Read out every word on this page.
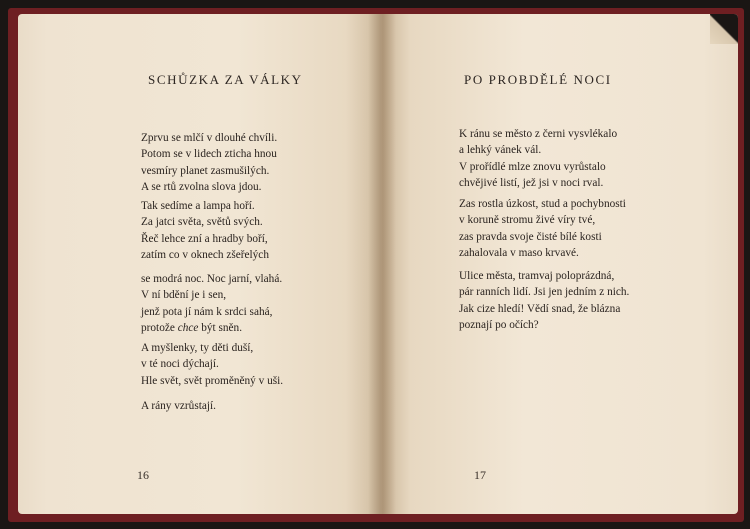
SCHŮZKA ZA VÁLKY
Zprvu se mlčí v dlouhé chvíli.
Potom se v lidech zticha hnou
vesmíry planet zasmušilých.
A se rtů zvolna slova jdou.
Tak sedíme a lampa hoří.
Za jatci světa, světů svých.
Řeč lehce zní a hradby boří,
zatím co v oknech zšeřelých
se modrá noc. Noc jarní, vlahá.
V ní bdění je i sen,
jenž pota jí nám k srdci sahá,
protože chce být sněn.
A myšlenky, ty děti duší,
v té noci dýchají.
Hle svět, svět proměněný v uši.
A rány vzrůstají.
16
PO PROBDĚLÉ NOCI
K ránu se město z černi vysvlékalo
a lehký vánek vál.
V prořídlé mlze znovu vyrůstalo
chvějivé listí, jež jsi v noci rval.
Zas rostla úzkost, stud a pochybnosti
v koruně stromu živé víry tvé,
zas pravda svoje čisté bílé kosti
zahalovala v maso krvavé.
Ulice města, tramvaj poloprázdná,
pár ranních lidí. Jsi jen jedním z nich.
Jak cize hledí! Vědí snad, že blázna
poznají po očích?
17
